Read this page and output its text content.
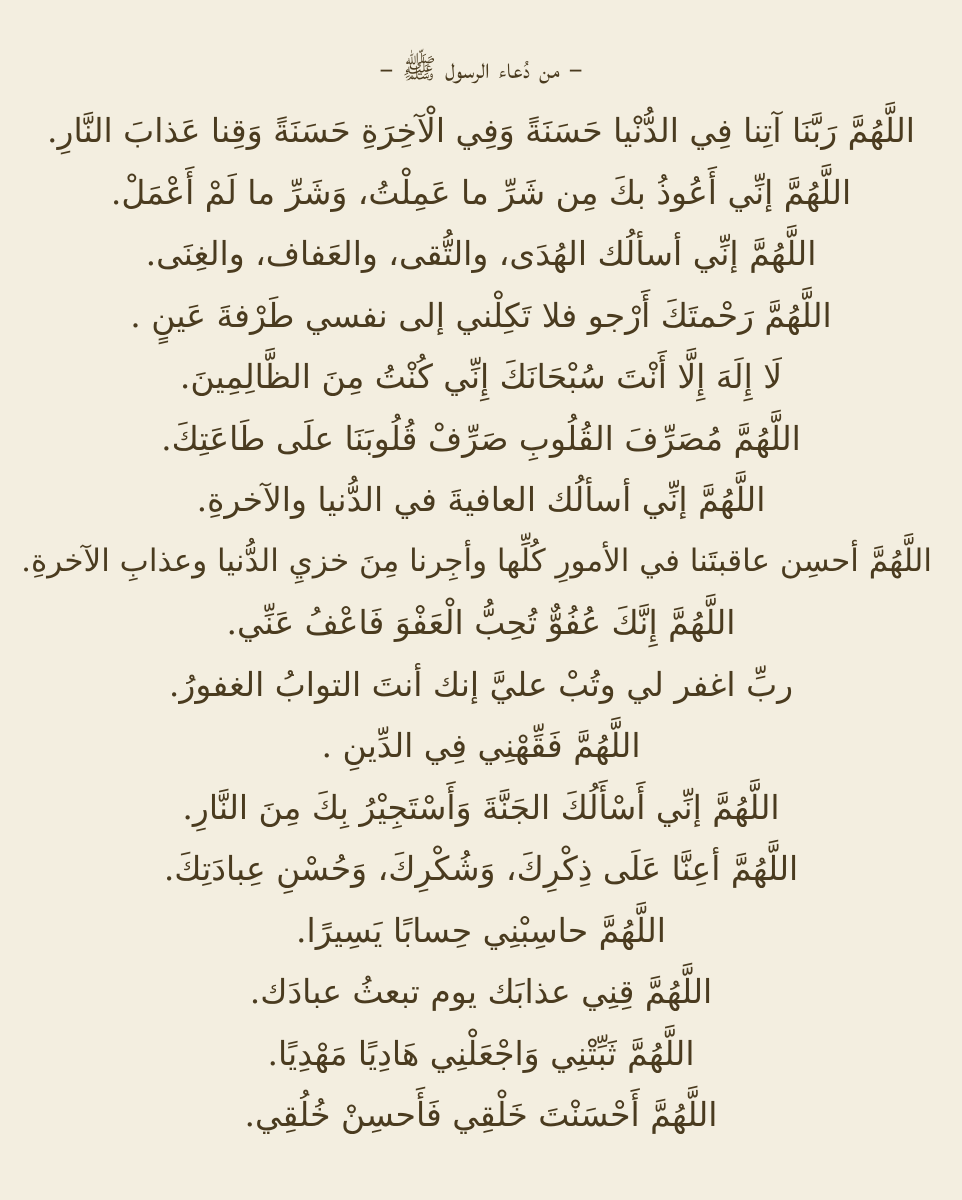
– من دُعاء الرسول ﷺ –
اللَّهُمَّ رَبَّنَا آتِنا فِي الدُّنْيا حَسَنَةً وَفِي الْآخِرَةِ حَسَنَةً وَقِنا عَذابَ النَّارِ.
اللَّهُمَّ إنِّي أَعُوذُ بكَ مِن شَرِّ ما عَمِلْتُ، وَشَرِّ ما لَمْ أَعْمَلْ.
اللَّهُمَّ إنِّي أسألُك الهُدَى، والتُّقى، والعَفاف، والغِنَى.
اللَّهُمَّ رَحْمتَكَ أَرْجو فلا تَكِلْني إلى نفسي طَرْفةَ عَينٍ .
لَا إِلَهَ إِلَّا أَنْتَ سُبْحَانَكَ إِنِّي كُنْتُ مِنَ الظَّالِمِينَ.
اللَّهُمَّ مُصَرِّفَ القُلُوبِ صَرِّفْ قُلُوبَنَا علَى طَاعَتِكَ.
اللَّهُمَّ إنِّي أسألُك العافيةَ في الدُّنيا والآخرةِ.
اللَّهُمَّ أحسِن عاقبتَنا في الأمورِ كُلِّها وأجِرنا مِنَ خزيِ الدُّنيا وعذابِ الآخرةِ.
اللَّهُمَّ إِنَّكَ عُفُوٌّ تُحِبُّ الْعَفْوَ فَاعْفُ عَنِّي.
ربِّ اغفر لي وتُبْ عليَّ إنك أنتَ التوابُ الغفورُ.
اللَّهُمَّ فَقِّهْنِي فِي الدِّينِ .
اللَّهُمَّ إنِّي أَسْأَلُكَ الجَنَّةَ وَأَسْتَجِيْرُ بِكَ مِنَ النَّارِ.
اللَّهُمَّ أعِنَّا عَلَى ذِكْرِكَ، وَشُكْرِكَ، وَحُسْنِ عِبادَتِكَ.
اللَّهُمَّ حاسِبْنِي حِسابًا يَسِيرًا.
اللَّهُمَّ قِنِي عذابَك يوم تبعثُ عبادَك.
اللَّهُمَّ ثَبِّتْنِي وَاجْعَلْنِي هَادِيًا مَهْدِيًا.
اللَّهُمَّ أَحْسَنْتَ خَلْقِي فَأَحسِنْ خُلُقِي.
